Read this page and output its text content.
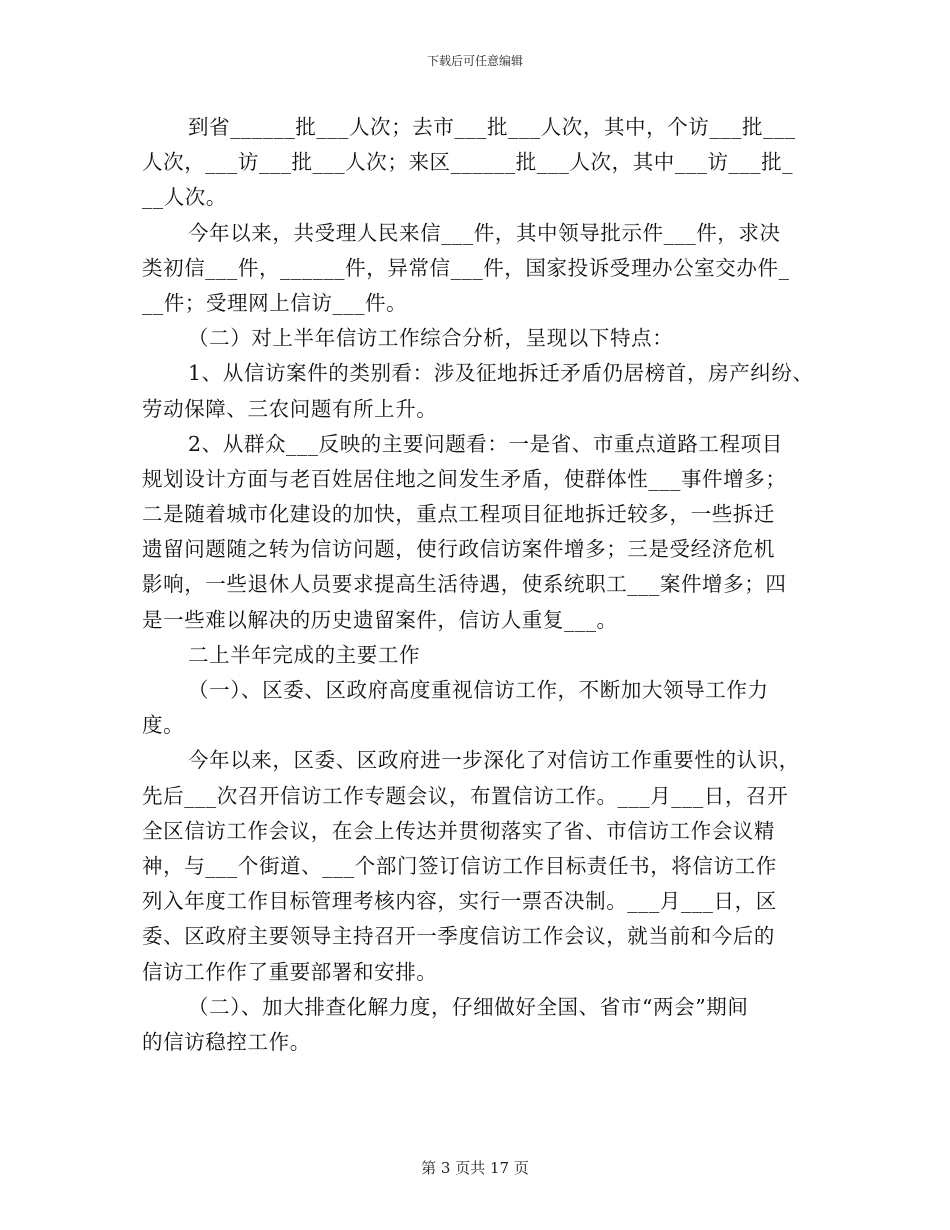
下载后可任意编辑
到省______批___人次；去市___批___人次，其中，个访___批___
人次，___访___批___人次；来区______批___人次，其中___访___批_
__人次。
今年以来，共受理人民来信___件，其中领导批示件___件，求决
类初信___件，______件，异常信___件，国家投诉受理办公室交办件_
__件；受理网上信访___件。
（二）对上半年信访工作综合分析，呈现以下特点：
1、从信访案件的类别看：涉及征地拆迁矛盾仍居榜首，房产纠纷、
劳动保障、三农问题有所上升。
2、从群众___反映的主要问题看：一是省、市重点道路工程项目
规划设计方面与老百姓居住地之间发生矛盾，使群体性___事件增多；
二是随着城市化建设的加快，重点工程项目征地拆迁较多，一些拆迁
遗留问题随之转为信访问题，使行政信访案件增多；三是受经济危机
影响，一些退休人员要求提高生活待遇，使系统职工___案件增多；四
是一些难以解决的历史遗留案件，信访人重复___。
二上半年完成的主要工作
（一）、区委、区政府高度重视信访工作，不断加大领导工作力
度。
今年以来，区委、区政府进一步深化了对信访工作重要性的认识，
先后___次召开信访工作专题会议，布置信访工作。___月___日，召开
全区信访工作会议，在会上传达并贯彻落实了省、市信访工作会议精
神，与___个街道、___个部门签订信访工作目标责任书，将信访工作
列入年度工作目标管理考核内容，实行一票否决制。___月___日，区
委、区政府主要领导主持召开一季度信访工作会议，就当前和今后的
信访工作作了重要部署和安排。
（二）、加大排查化解力度，仔细做好全国、省市“两会”期间
的信访稳控工作。
第 3 页共 17 页
